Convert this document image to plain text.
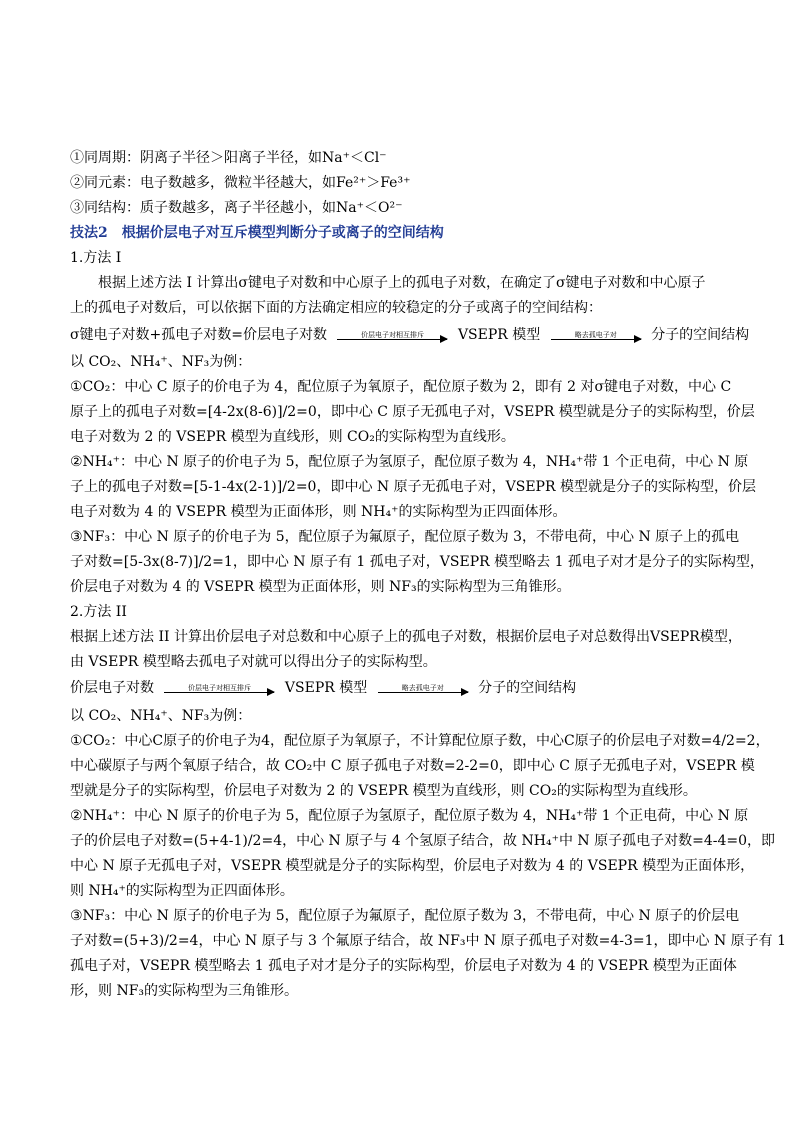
①同周期：阴离子半径＞阳离子半径，如Na⁺＜Cl⁻
②同元素：电子数越多，微粒半径越大，如Fe²⁺＞Fe³⁺
③同结构：质子数越多，离子半径越小，如Na⁺＜O²⁻
技法2　根据价层电子对互斥模型判断分子或离子的空间结构
1.方法 I
根据上述方法 I 计算出σ键电子对数和中心原子上的孤电子对数，在确定了σ键电子对数和中心原子
上的孤电子对数后，可以依据下面的方法确定相应的较稳定的分子或离子的空间结构：
σ键电子对数+孤电子对数=价层电子对数	价层电子对相互排斥	VSEPR 模型	略去孤电子对	分子的空间结构
以 CO₂、NH₄⁺、NF₃为例：
①CO₂：中心 C 原子的价电子为 4，配位原子为氧原子，配位原子数为 2，即有 2 对σ键电子对数，中心 C
原子上的孤电子对数=[4-2x(8-6)]/2=0，即中心 C 原子无孤电子对，VSEPR 模型就是分子的实际构型，价层
电子对数为 2 的 VSEPR 模型为直线形，则 CO₂的实际构型为直线形。
②NH₄⁺：中心 N 原子的价电子为 5，配位原子为氢原子，配位原子数为 4，NH₄⁺带 1 个正电荷，中心 N 原
子上的孤电子对数=[5-1-4x(2-1)]/2=0，即中心 N 原子无孤电子对，VSEPR 模型就是分子的实际构型，价层
电子对数为 4 的 VSEPR 模型为正面体形，则 NH₄⁺的实际构型为正四面体形。
③NF₃：中心 N 原子的价电子为 5，配位原子为氟原子，配位原子数为 3，不带电荷，中心 N 原子上的孤电
子对数=[5-3x(8-7)]/2=1，即中心 N 原子有 1 孤电子对，VSEPR 模型略去 1 孤电子对才是分子的实际构型，
价层电子对数为 4 的 VSEPR 模型为正面体形，则 NF₃的实际构型为三角锥形。
2.方法 II
根据上述方法 II 计算出价层电子对总数和中心原子上的孤电子对数，根据价层电子对总数得出VSEPR模型，
由 VSEPR 模型略去孤电子对就可以得出分子的实际构型。
价层电子对数	价层电子对相互排斥	VSEPR 模型	略去孤电子对	分子的空间结构
以 CO₂、NH₄⁺、NF₃为例：
①CO₂：中心C原子的价电子为4，配位原子为氧原子，不计算配位原子数，中心C原子的价层电子对数=4/2=2，
中心碳原子与两个氧原子结合，故 CO₂中 C 原子孤电子对数=2-2=0，即中心 C 原子无孤电子对，VSEPR 模
型就是分子的实际构型，价层电子对数为 2 的 VSEPR 模型为直线形，则 CO₂的实际构型为直线形。
②NH₄⁺：中心 N 原子的价电子为 5，配位原子为氢原子，配位原子数为 4，NH₄⁺带 1 个正电荷，中心 N 原
子的价层电子对数=(5+4-1)/2=4，中心 N 原子与 4 个氢原子结合，故 NH₄⁺中 N 原子孤电子对数=4-4=0，即
中心 N 原子无孤电子对，VSEPR 模型就是分子的实际构型，价层电子对数为 4 的 VSEPR 模型为正面体形，
则 NH₄⁺的实际构型为正四面体形。
③NF₃：中心 N 原子的价电子为 5，配位原子为氟原子，配位原子数为 3，不带电荷，中心 N 原子的价层电
子对数=(5+3)/2=4，中心 N 原子与 3 个氟原子结合，故 NF₃中 N 原子孤电子对数=4-3=1，即中心 N 原子有 1
孤电子对，VSEPR 模型略去 1 孤电子对才是分子的实际构型，价层电子对数为 4 的 VSEPR 模型为正面体
形，则 NF₃的实际构型为三角锥形。
